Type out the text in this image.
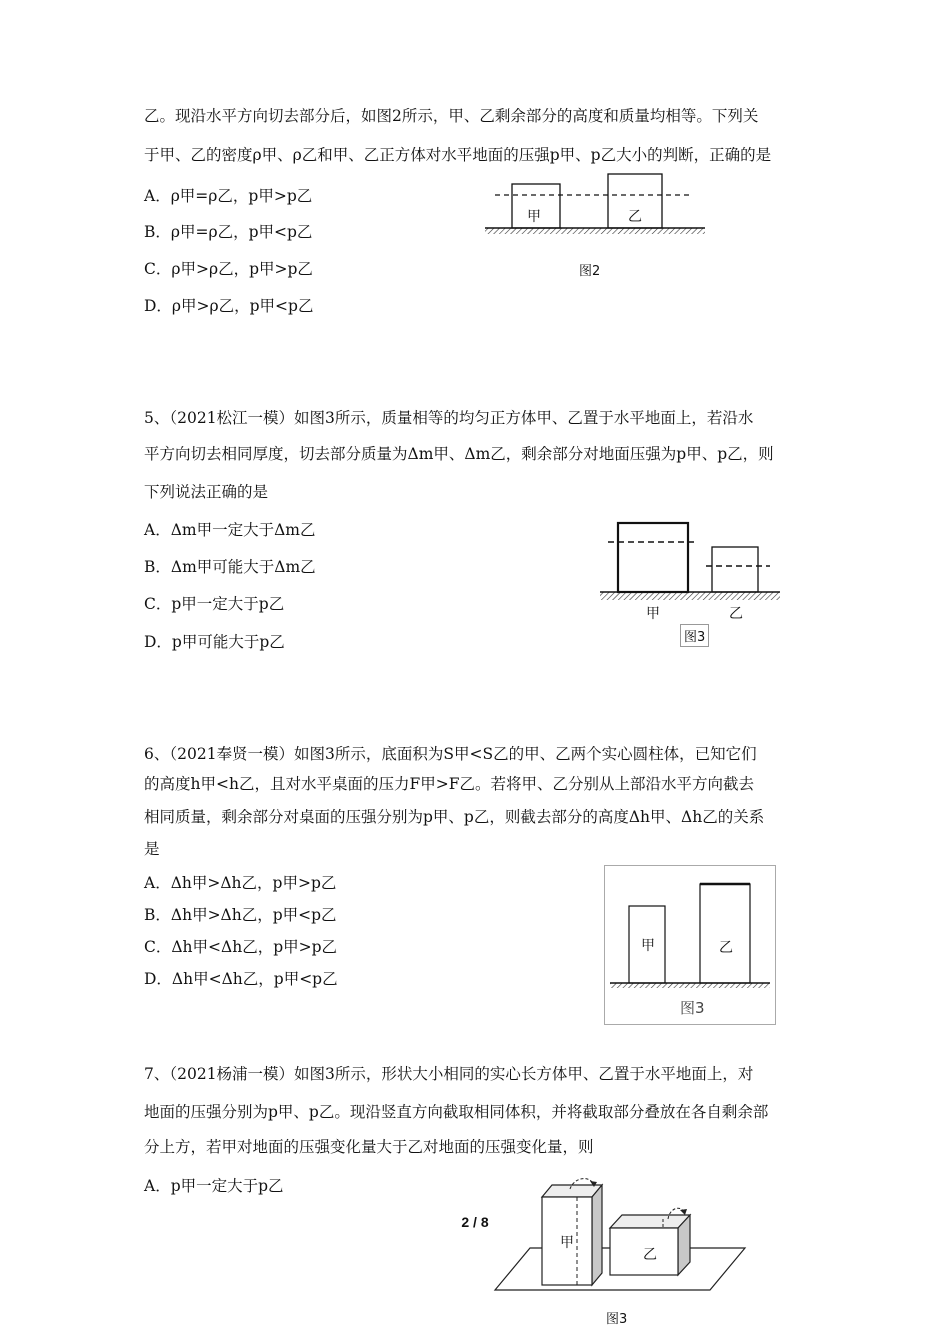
乙。现沿水平方向切去部分后，如图2所示，甲、乙剩余部分的高度和质量均相等。下列关
于甲、乙的密度ρ甲、ρ乙和甲、乙正方体对水平地面的压强p甲、p乙大小的判断，正确的是
A．ρ甲=ρ乙，p甲>p乙
B．ρ甲=ρ乙，p甲<p乙
C．ρ甲>ρ乙，p甲>p乙
D．ρ甲>ρ乙，p甲<p乙
甲	乙
图2
5、（2021松江一模）如图3所示，质量相等的均匀正方体甲、乙置于水平地面上，若沿水
平方向切去相同厚度，切去部分质量为Δm甲、Δm乙，剩余部分对地面压强为p甲、p乙，则
下列说法正确的是
A．Δm甲一定大于Δm乙
B．Δm甲可能大于Δm乙
C．p甲一定大于p乙
D．p甲可能大于p乙
甲	乙
图3
6、（2021奉贤一模）如图3所示，底面积为S甲<S乙的甲、乙两个实心圆柱体，已知它们
的高度h甲<h乙，且对水平桌面的压力F甲>F乙。若将甲、乙分别从上部沿水平方向截去
相同质量，剩余部分对桌面的压强分别为p甲、p乙，则截去部分的高度Δh甲、Δh乙的关系
是
A．Δh甲>Δh乙，p甲>p乙
B．Δh甲>Δh乙，p甲<p乙
C．Δh甲<Δh乙，p甲>p乙
D．Δh甲<Δh乙，p甲<p乙
甲	乙
图3
7、（2021杨浦一模）如图3所示，形状大小相同的实心长方体甲、乙置于水平地面上，对
地面的压强分别为p甲、p乙。现沿竖直方向截取相同体积，并将截取部分叠放在各自剩余部
分上方，若甲对地面的压强变化量大于乙对地面的压强变化量，则
A．p甲一定大于p乙
甲
乙
图3
2 / 8
